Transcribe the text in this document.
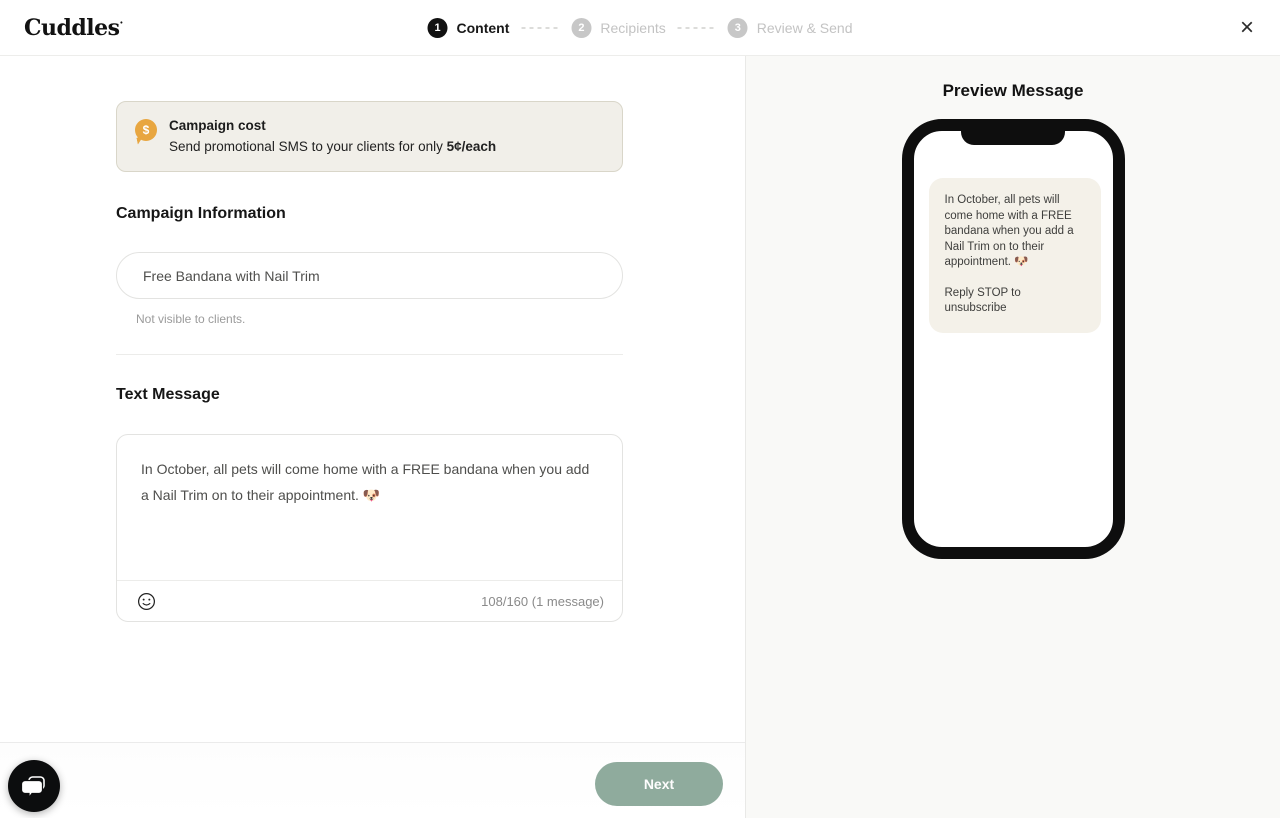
Cuddles·	1	Content	2	Recipients	3	Review & Send	×
$	Campaign cost
Send promotional SMS to your clients for only 5¢/each
Campaign Information
Free Bandana with Nail Trim
Not visible to clients.
Text Message
In October, all pets will come home with a FREE bandana when you add a Nail Trim on to their appointment. 🐶
108/160 (1 message)
Next
Preview Message

In October, all pets will come home with a FREE bandana when you add a Nail Trim on to their appointment. 🐶

Reply STOP to unsubscribe
